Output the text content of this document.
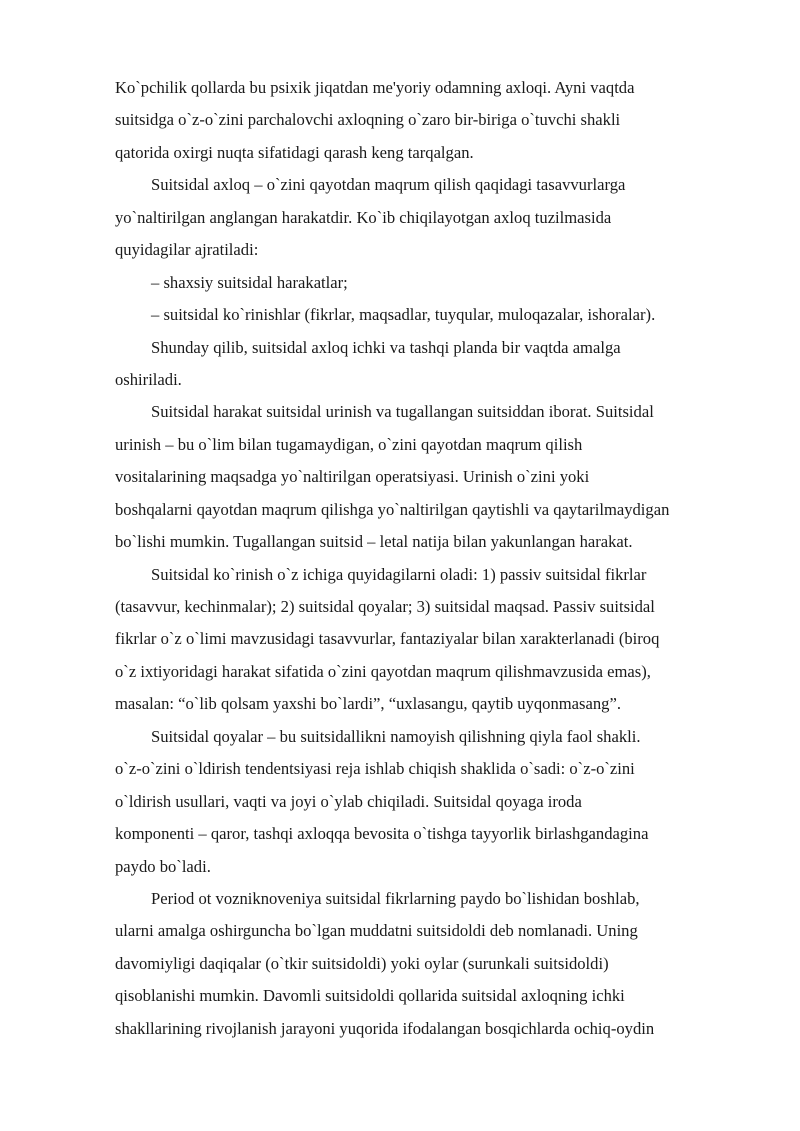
Ko`pchilik qollarda bu psixik jiqatdan me'yoriy odamning axloqi. Ayni vaqtda
suitsidga o`z-o`zini parchalovchi axloqning o`zaro bir-biriga o`tuvchi shakli
qatorida oxirgi nuqta sifatidagi qarash keng tarqalgan.
Suitsidal axloq – o`zini qayotdan maqrum qilish qaqidagi tasavvurlarga
yo`naltirilgan anglangan harakatdir. Ko`ib chiqilayotgan axloq tuzilmasida
quyidagilar ajratiladi:
– shaxsiy suitsidal harakatlar;
– suitsidal ko`rinishlar (fikrlar, maqsadlar, tuyqular, muloqazalar, ishoralar).
Shunday qilib, suitsidal axloq ichki va tashqi planda bir vaqtda amalga
oshiriladi.
Suitsidal harakat suitsidal urinish va tugallangan suitsiddan iborat. Suitsidal
urinish – bu o`lim bilan tugamaydigan, o`zini qayotdan maqrum qilish
vositalarining maqsadga yo`naltirilgan operatsiyasi. Urinish o`zini yoki
boshqalarni qayotdan maqrum qilishga yo`naltirilgan qaytishli va qaytarilmaydigan
bo`lishi mumkin. Tugallangan suitsid – letal natija bilan yakunlangan harakat.
Suitsidal ko`rinish o`z ichiga quyidagilarni oladi: 1) passiv suitsidal fikrlar
(tasavvur, kechinmalar); 2) suitsidal qoyalar; 3) suitsidal maqsad. Passiv suitsidal
fikrlar o`z o`limi mavzusidagi tasavvurlar, fantaziyalar bilan xarakterlanadi (biroq
o`z ixtiyoridagi harakat sifatida o`zini qayotdan maqrum qilishmavzusida emas),
masalan: “o`lib qolsam yaxshi bo`lardi”, “uxlasangu, qaytib uyqonmasang”.
Suitsidal qoyalar – bu suitsidallikni namoyish qilishning qiyla faol shakli.
o`z-o`zini o`ldirish tendentsiyasi reja ishlab chiqish shaklida o`sadi: o`z-o`zini
o`ldirish usullari, vaqti va joyi o`ylab chiqiladi. Suitsidal qoyaga iroda
komponenti – qaror, tashqi axloqqa bevosita o`tishga tayyorlik birlashgandagina
paydo bo`ladi.
Period ot vozniknoveniya suitsidal fikrlarning paydo bo`lishidan boshlab,
ularni amalga oshirguncha bo`lgan muddatni suitsidoldi deb nomlanadi. Uning
davomiyligi daqiqalar (o`tkir suitsidoldi) yoki oylar (surunkali suitsidoldi)
qisoblanishi mumkin. Davomli suitsidoldi qollarida suitsidal axloqning ichki
shakllarining rivojlanish jarayoni yuqorida ifodalangan bosqichlarda ochiq-oydin
